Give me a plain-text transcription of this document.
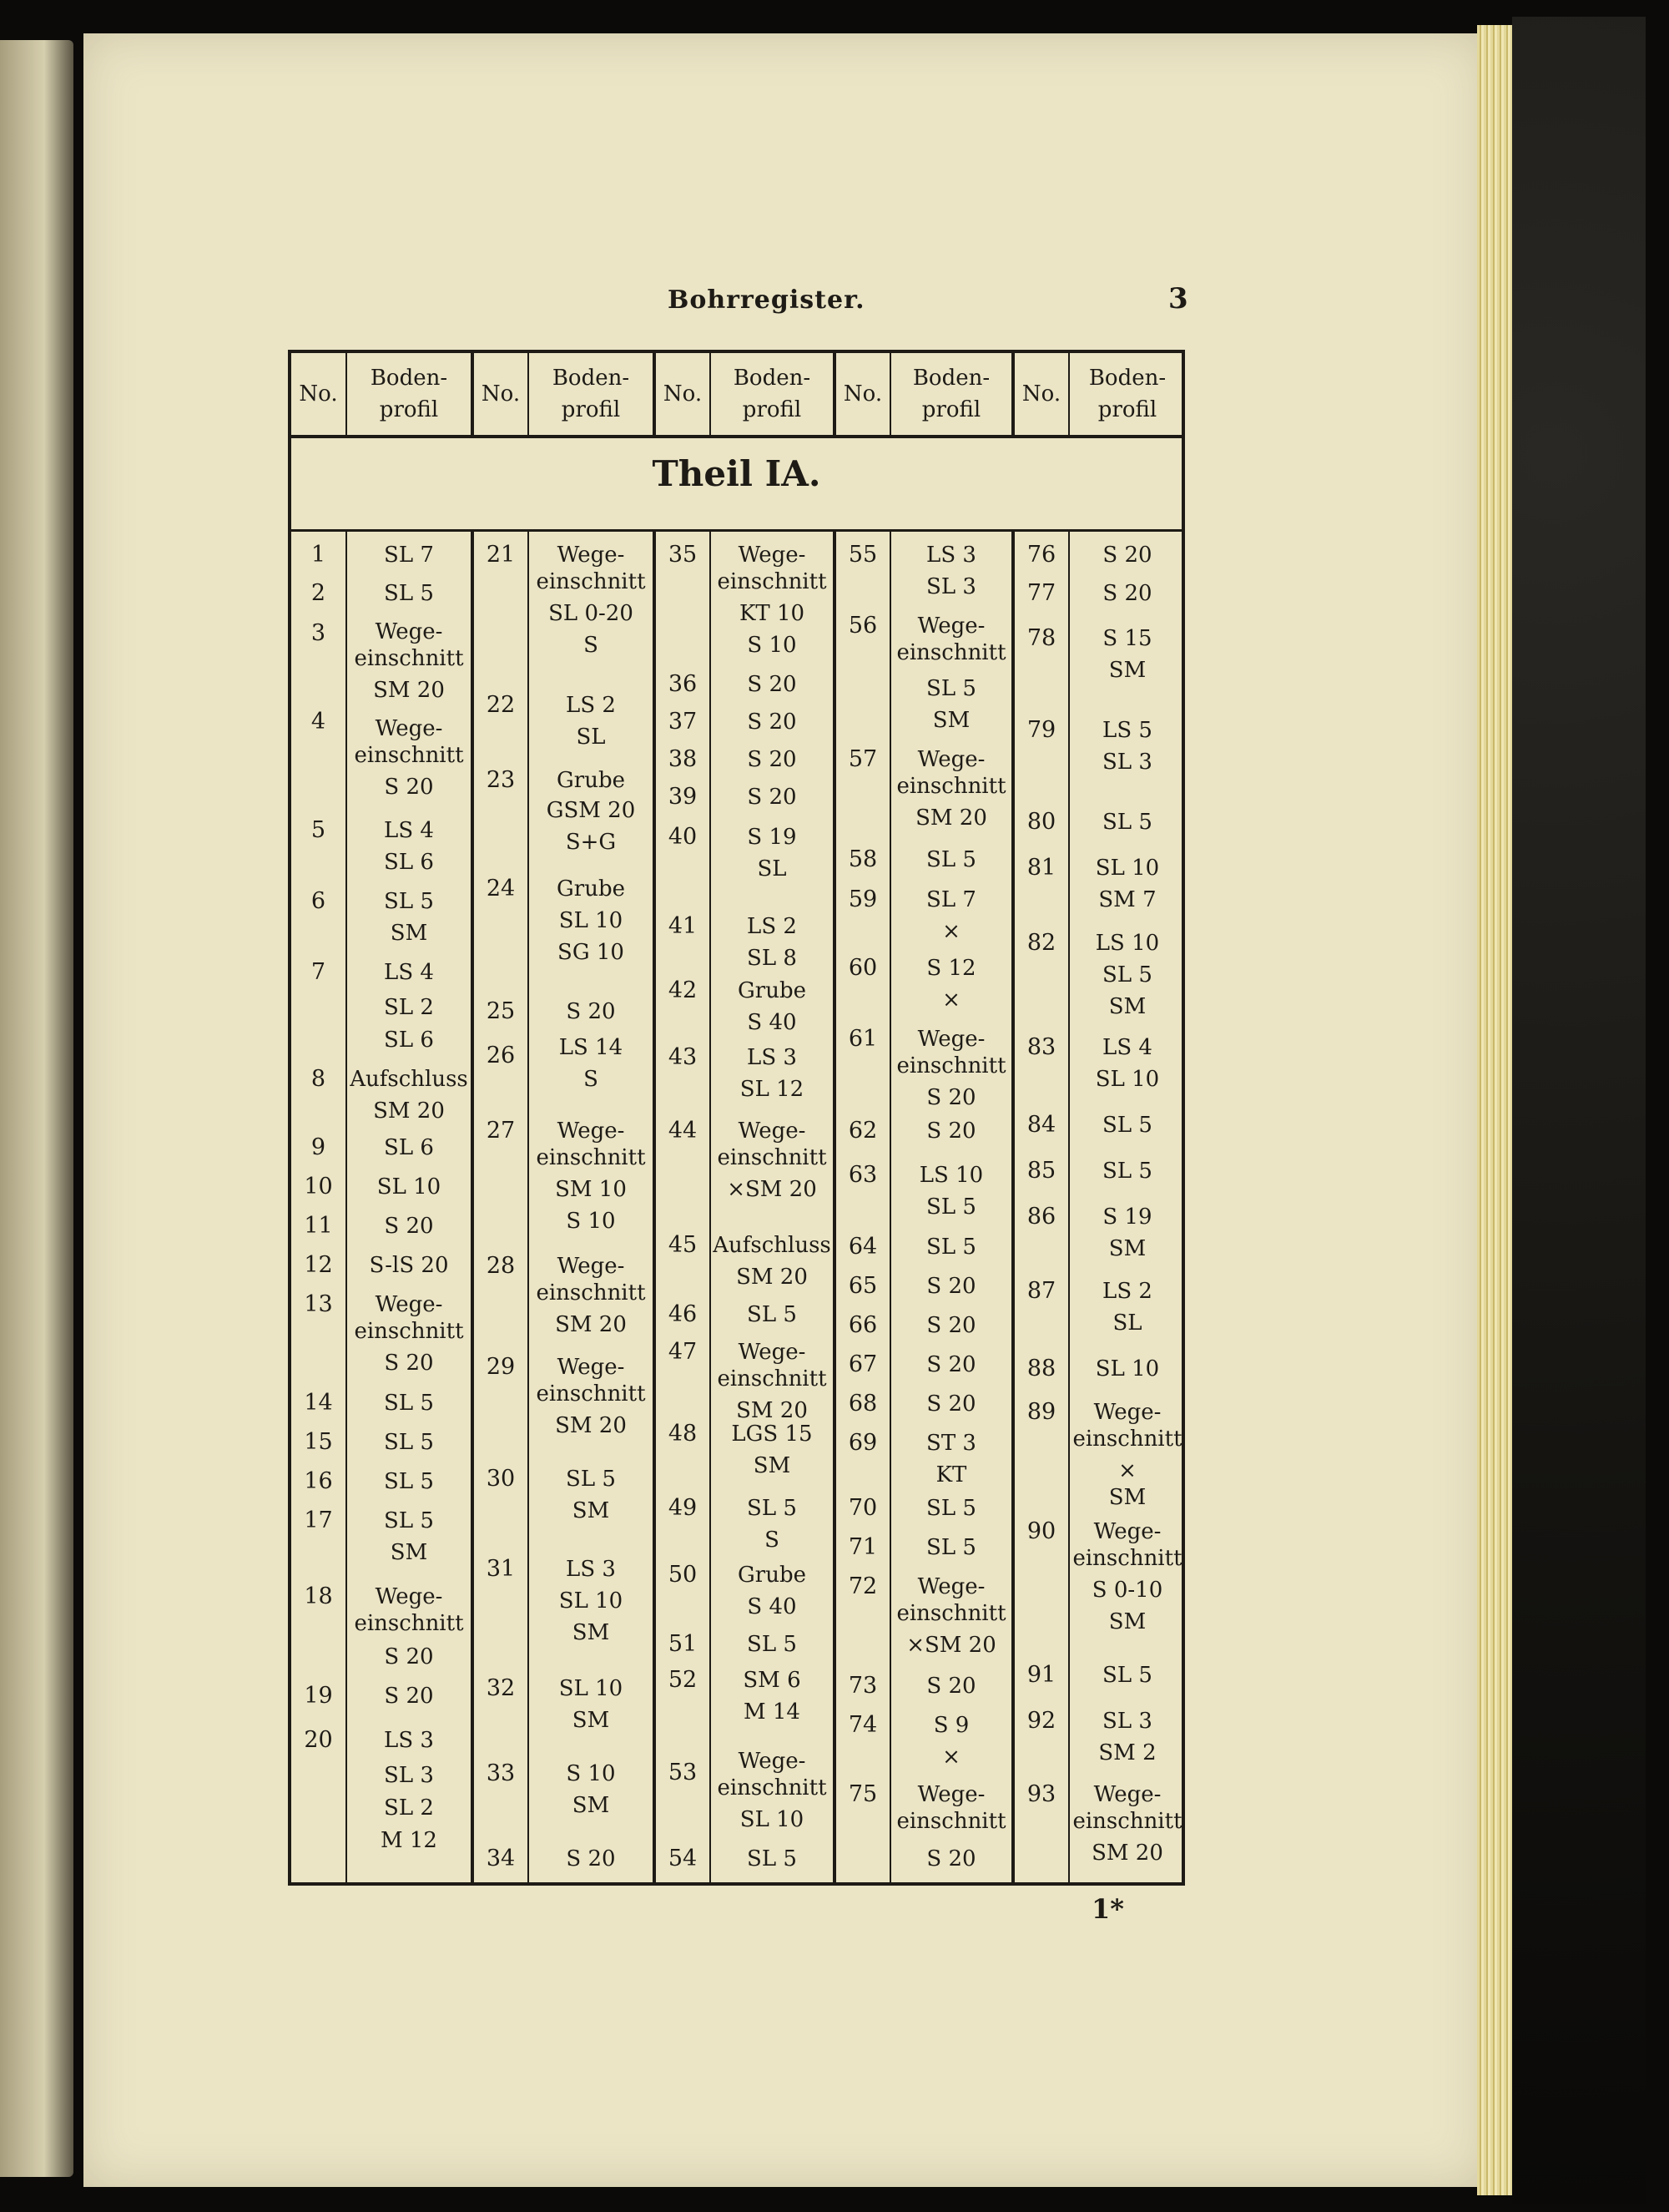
Bohrregister.	3
No.
Boden-
profil
No.
Boden-
profil
No.
Boden-
profil
No.
Boden-
profil
No.
Boden-
profil
Theil IA.
1
2
3
4
5
6
7
8
9
10
11
12
13
14
15
16
17
18
19
20
SL 7
SL 5
Wege-
einschnitt
SM 20
Wege-
einschnitt
S 20
LS 4
SL 6
SL 5
SM
LS 4
SL 2
SL 6
Aufschluss
SM 20
SL 6
SL 10
S 20
S-lS 20
Wege-
einschnitt
S 20
SL 5
SL 5
SL 5
SL 5
SM
Wege-
einschnitt
S 20
S 20
LS 3
SL 3
SL 2
M 12
21
22
23
24
25
26
27
28
29
30
31
32
33
34
Wege-
einschnitt
SL 0-20
S
LS 2
SL
Grube
GSM 20
S+G
Grube
SL 10
SG 10
S 20
LS 14
S
Wege-
einschnitt
SM 10
S 10
Wege-
einschnitt
SM 20
Wege-
einschnitt
SM 20
SL 5
SM
LS 3
SL 10
SM
SL 10
SM
S 10
SM
S 20
35
36
37
38
39
40
41
42
43
44
45
46
47
48
49
50
51
52
53
54
Wege-
einschnitt
KT 10
S 10
S 20
S 20
S 20
S 20
S 19
SL
LS 2
SL 8
Grube
S 40
LS 3
SL 12
Wege-
einschnitt
×SM 20
Aufschluss
SM 20
SL 5
Wege-
einschnitt
SM 20
LGS 15
SM
SL 5
S
Grube
S 40
SL 5
SM 6
M 14
Wege-
einschnitt
SL 10
SL 5
55
56
57
58
59
60
61
62
63
64
65
66
67
68
69
70
71
72
73
74
75
LS 3
SL 3
Wege-
einschnitt
SL 5
SM
Wege-
einschnitt
SM 20
SL 5
SL 7
×
S 12
×
Wege-
einschnitt
S 20
S 20
LS 10
SL 5
SL 5
S 20
S 20
S 20
S 20
ST 3
KT
SL 5
SL 5
Wege-
einschnitt
×SM 20
S 20
S 9
×
Wege-
einschnitt
S 20
76
77
78
79
80
81
82
83
84
85
86
87
88
89
90
91
92
93
S 20
S 20
S 15
SM
LS 5
SL 3
SL 5
SL 10
SM 7
LS 10
SL 5
SM
LS 4
SL 10
SL 5
SL 5
S 19
SM
LS 2
SL
SL 10
Wege-
einschnitt
×
SM
Wege-
einschnitt
S 0-10
SM
SL 5
SL 3
SM 2
Wege-
einschnitt
SM 20
1*
